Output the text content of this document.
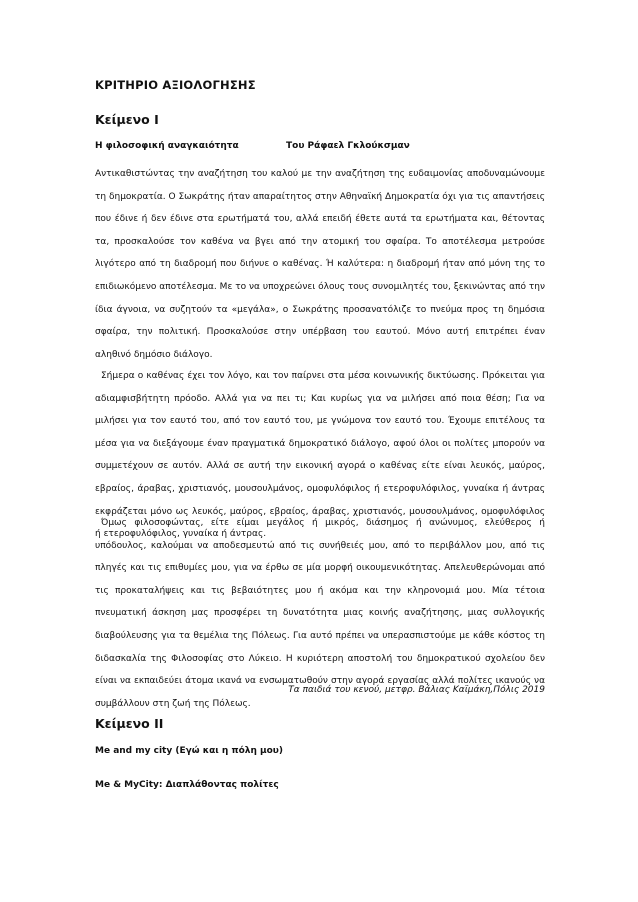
ΚΡΙΤΗΡΙΟ ΑΞΙΟΛΟΓΗΣΗΣ
Κείμενο Ι
Η φιλοσοφική αναγκαιότητα	Του Ράφαελ Γκλούκσμαν
Αντικαθιστώντας την αναζήτηση του καλού με την αναζήτηση της ευδαιμονίας αποδυναμώνουμε τη δημοκρατία. Ο Σωκράτης ήταν απαραίτητος στην Αθηναϊκή Δημοκρατία όχι για τις απαντήσεις που έδινε ή δεν έδινε στα ερωτήματά του, αλλά επειδή έθετε αυτά τα ερωτήματα και, θέτοντας τα, προσκαλούσε τον καθένα να βγει από την ατομική του σφαίρα. Το αποτέλεσμα μετρούσε λιγότερο από τη διαδρομή που διήνυε ο καθένας. Ή καλύτερα: η διαδρομή ήταν από μόνη της το επιδιωκόμενο αποτέλεσμα. Με το να υποχρεώνει όλους τους συνομιλητές του, ξεκινώντας από την ίδια άγνοια, να συζητούν τα «μεγάλα», ο Σωκράτης προσανατόλιζε το πνεύμα προς τη δημόσια σφαίρα, την πολιτική. Προσκαλούσε στην υπέρβαση του εαυτού. Μόνο αυτή επιτρέπει έναν αληθινό δημόσιο διάλογο.
Σήμερα ο καθένας έχει τον λόγο, και τον παίρνει στα μέσα κοινωνικής δικτύωσης. Πρόκειται για αδιαμφισβήτητη πρόοδο. Αλλά για να πει τι; Και κυρίως για να μιλήσει από ποια θέση; Για να μιλήσει για τον εαυτό του, από τον εαυτό του, με γνώμονα τον εαυτό του. Έχουμε επιτέλους τα μέσα για να διεξάγουμε έναν πραγματικά δημοκρατικό διάλογο, αφού όλοι οι πολίτες μπορούν να συμμετέχουν σε αυτόν. Αλλά σε αυτή την εικονική αγορά ο καθένας είτε είναι λευκός, μαύρος, εβραίος, άραβας, χριστιανός, μουσουλμάνος, ομοφυλόφιλος ή ετεροφυλόφιλος, γυναίκα ή άντρας εκφράζεται μόνο ως λευκός, μαύρος, εβραίος, άραβας, χριστιανός, μουσουλμάνος, ομοφυλόφιλος ή ετεροφυλόφιλος, γυναίκα ή άντρας.
Όμως φιλοσοφώντας, είτε είμαι μεγάλος ή μικρός, διάσημος ή ανώνυμος, ελεύθερος ή υπόδουλος, καλούμαι να αποδεσμευτώ από τις συνήθειές μου, από το περιβάλλον μου, από τις πληγές και τις επιθυμίες μου, για να έρθω σε μία μορφή οικουμενικότητας. Απελευθερώνομαι από τις προκαταλήψεις και τις βεβαιότητες μου ή ακόμα και την κληρονομιά μου. Μία τέτοια πνευματική άσκηση μας προσφέρει τη δυνατότητα μιας κοινής αναζήτησης, μιας συλλογικής διαβούλευσης για τα θεμέλια της Πόλεως. Για αυτό πρέπει να υπερασπιστούμε με κάθε κόστος τη διδασκαλία της Φιλοσοφίας στο Λύκειο. Η κυριότερη αποστολή του δημοκρατικού σχολείου δεν είναι να εκπαιδεύει άτομα ικανά να ενσωματωθούν στην αγορά εργασίας αλλά πολίτες ικανούς να συμβάλλουν στη ζωή της Πόλεως.
Τα παιδιά του κενού, μετφρ. Βάλιας Καϊμάκη,Πόλις 2019
Κείμενο ΙΙ
Me and my city (Εγώ και η πόλη μου)
Me & MyCity: Διαπλάθοντας πολίτες
